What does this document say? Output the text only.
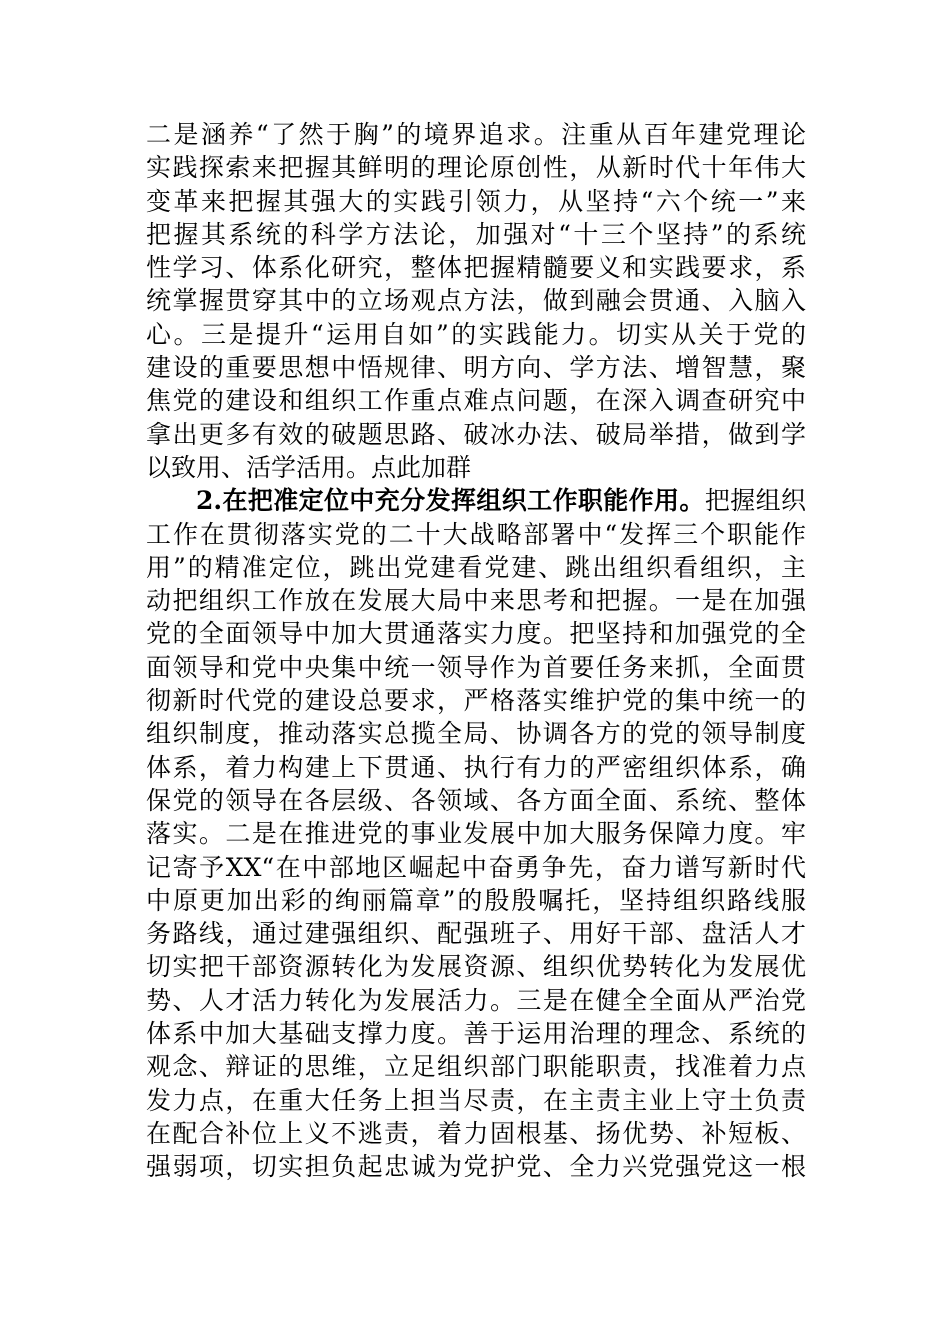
二是涵养“了然于胸”的境界追求。注重从百年建党理论
实践探索来把握其鲜明的理论原创性，从新时代十年伟大
变革来把握其强大的实践引领力，从坚持“六个统一”来
把握其系统的科学方法论，加强对“十三个坚持”的系统
性学习、体系化研究，整体把握精髓要义和实践要求，系
统掌握贯穿其中的立场观点方法，做到融会贯通、入脑入
心。三是提升“运用自如”的实践能力。切实从关于党的
建设的重要思想中悟规律、明方向、学方法、增智慧，聚
焦党的建设和组织工作重点难点问题，在深入调查研究中
拿出更多有效的破题思路、破冰办法、破局举措，做到学
以致用、活学活用。点此加群
2.在把准定位中充分发挥组织工作职能作用。把握组织
工作在贯彻落实党的二十大战略部署中“发挥三个职能作
用”的精准定位，跳出党建看党建、跳出组织看组织，主
动把组织工作放在发展大局中来思考和把握。一是在加强
党的全面领导中加大贯通落实力度。把坚持和加强党的全
面领导和党中央集中统一领导作为首要任务来抓，全面贯
彻新时代党的建设总要求，严格落实维护党的集中统一的
组织制度，推动落实总揽全局、协调各方的党的领导制度
体系，着力构建上下贯通、执行有力的严密组织体系，确
保党的领导在各层级、各领域、各方面全面、系统、整体
落实。二是在推进党的事业发展中加大服务保障力度。牢
记寄予XX“在中部地区崛起中奋勇争先，奋力谱写新时代
中原更加出彩的绚丽篇章”的殷殷嘱托，坚持组织路线服
务路线，通过建强组织、配强班子、用好干部、盘活人才
切实把干部资源转化为发展资源、组织优势转化为发展优
势、人才活力转化为发展活力。三是在健全全面从严治党
体系中加大基础支撑力度。善于运用治理的理念、系统的
观念、辩证的思维，立足组织部门职能职责，找准着力点
发力点，在重大任务上担当尽责，在主责主业上守土负责
在配合补位上义不逃责，着力固根基、扬优势、补短板、
强弱项，切实担负起忠诚为党护党、全力兴党强党这一根
